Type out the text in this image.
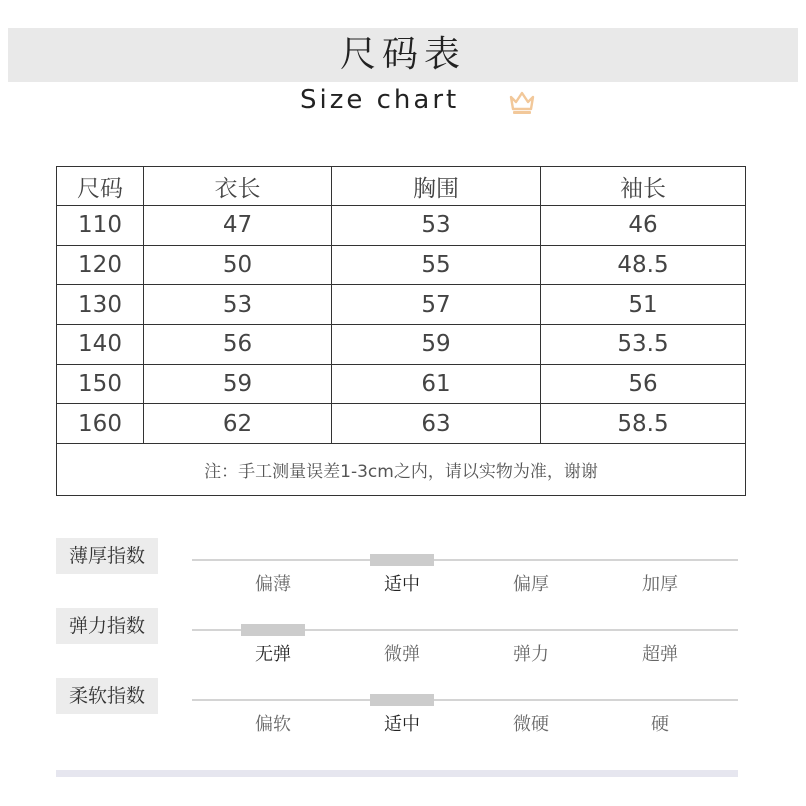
尺码表
Size chart
尺码	衣长	胸围	袖长
110	47	53	46
120	50	55	48.5
130	53	57	51
140	56	59	53.5
150	59	61	56
160	62	63	58.5
注：手工测量误差1-3cm之内，请以实物为准，谢谢			
薄厚指数
偏薄	适中	偏厚	加厚
弹力指数
无弹	微弹	弹力	超弹
柔软指数
偏软	适中	微硬	硬
